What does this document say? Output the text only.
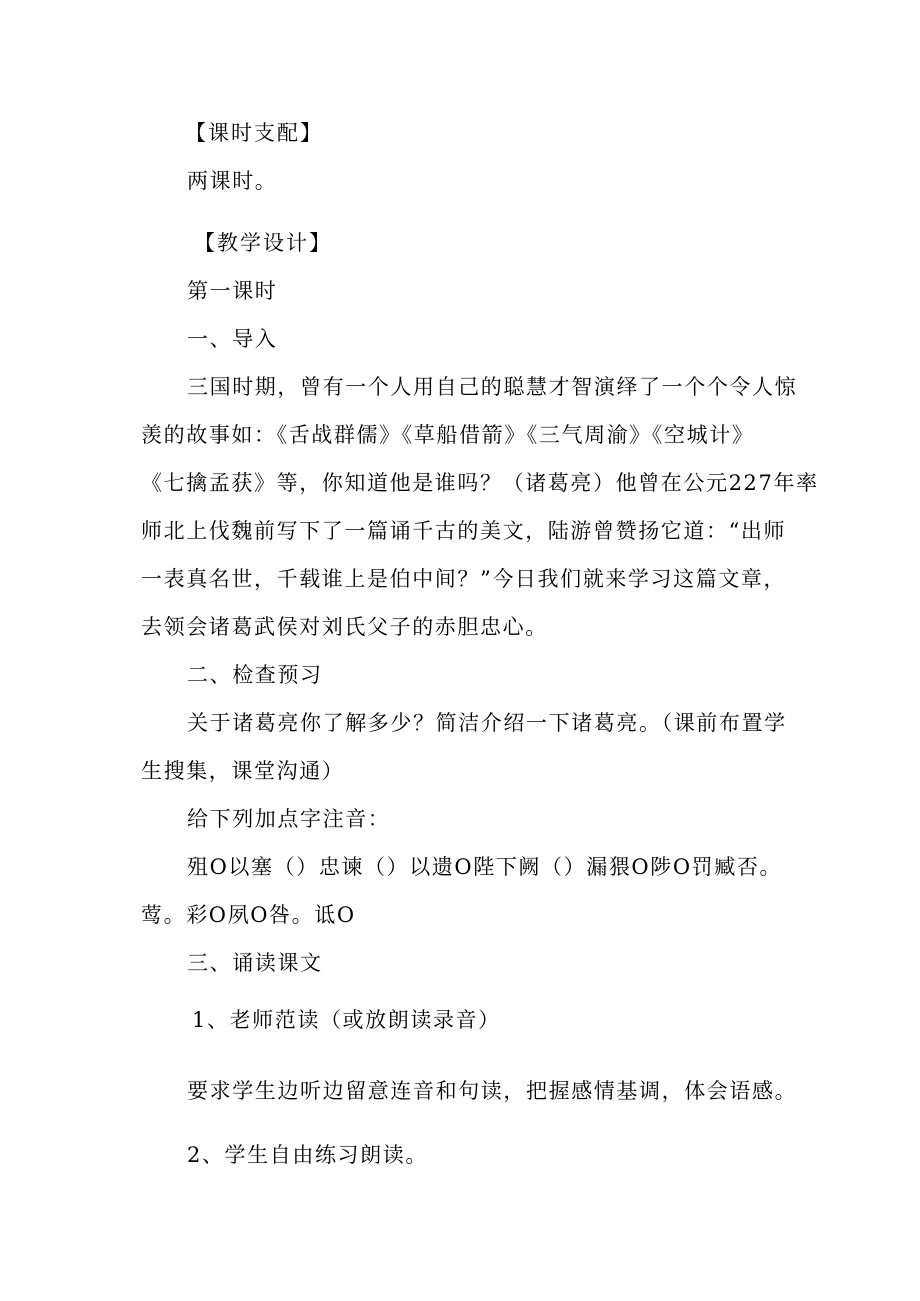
【课时支配】
两课时。
【教学设计】
第一课时
一、导入
三国时期，曾有一个人用自己的聪慧才智演绎了一个个令人惊
羡的故事如：《舌战群儒》《草船借箭》《三气周渝》《空城计》
《七擒孟获》等，你知道他是谁吗？（诸葛亮）他曾在公元227年率
师北上伐魏前写下了一篇诵千古的美文，陆游曾赞扬它道：“出师
一表真名世，千载谁上是伯中间？”今日我们就来学习这篇文章，
去领会诸葛武侯对刘氏父子的赤胆忠心。
二、检查预习
关于诸葛亮你了解多少？简洁介绍一下诸葛亮。（课前布置学
生搜集，课堂沟通）
给下列加点字注音：
殂O以塞（）忠谏（）以遗O陛下阙（）漏猥O陟O罚臧否。
莺。彩O夙O咎。诋O
三、诵读课文
1、老师范读（或放朗读录音）
要求学生边听边留意连音和句读，把握感情基调，体会语感。
2、学生自由练习朗读。
